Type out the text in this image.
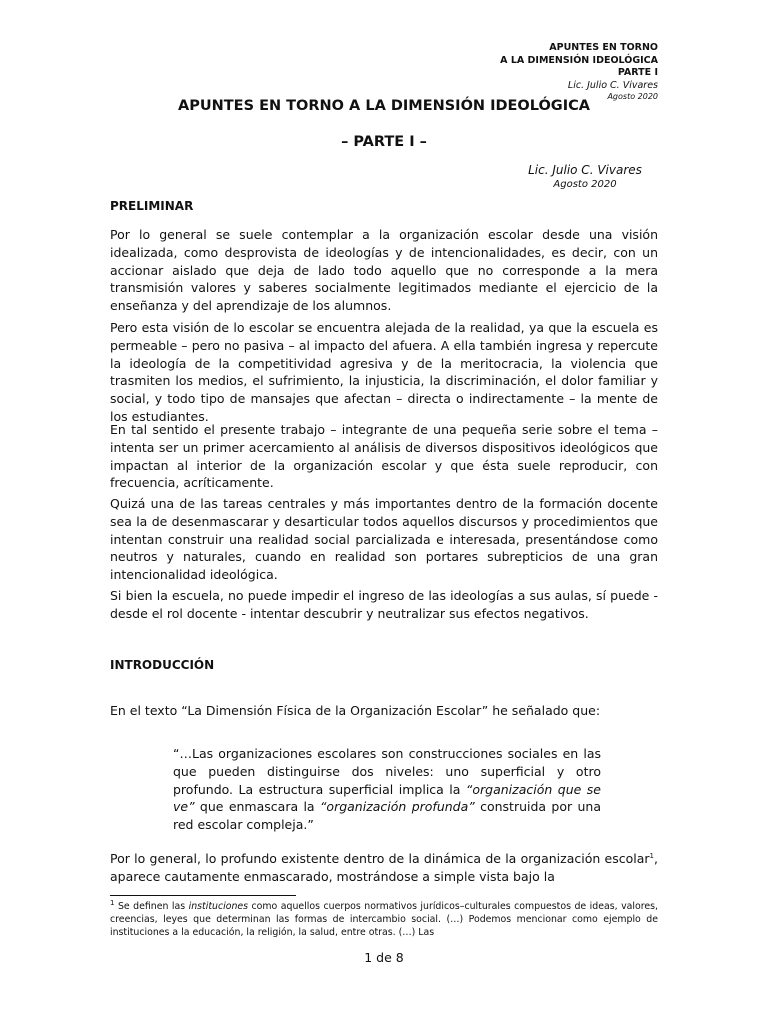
APUNTES EN TORNO
A LA DIMENSIÓN IDEOLÓGICA
PARTE I
Lic. Julio C. Vivares
Agosto 2020
APUNTES EN TORNO A LA DIMENSIÓN IDEOLÓGICA
– PARTE I –
Lic. Julio C. Vivares
Agosto 2020
PRELIMINAR

Por lo general se suele contemplar a la organización escolar desde una visión idealizada, como desprovista de ideologías y de intencionalidades, es decir, con un accionar aislado que deja de lado todo aquello que no corresponde a la mera transmisión valores y saberes socialmente legitimados mediante el ejercicio de la enseñanza y del aprendizaje de los alumnos.

Pero esta visión de lo escolar se encuentra alejada de la realidad, ya que la escuela es permeable – pero no pasiva – al impacto del afuera. A ella también ingresa y repercute la ideología de la competitividad agresiva y de la meritocracia, la violencia que trasmiten los medios, el sufrimiento, la injusticia, la discriminación, el dolor familiar y social, y todo tipo de mansajes que afectan – directa o indirectamente – la mente de los estudiantes.

En tal sentido el presente trabajo – integrante de una pequeña serie sobre el tema – intenta ser un primer acercamiento al análisis de diversos dispositivos ideológicos que impactan al interior de la organización escolar y que ésta suele reproducir, con frecuencia, acríticamente.

Quizá una de las tareas centrales y más importantes dentro de la formación docente sea la de desenmascarar y desarticular todos aquellos discursos y procedimientos que intentan construir una realidad social parcializada e interesada, presentándose como neutros y naturales, cuando en realidad son portares subrepticios de una gran intencionalidad ideológica.

Si bien la escuela, no puede impedir el ingreso de las ideologías a sus aulas, sí puede - desde el rol docente - intentar descubrir y neutralizar sus efectos negativos.

INTRODUCCIÓN

En el texto “La Dimensión Física de la Organización Escolar” he señalado que:

“…Las organizaciones escolares son construcciones sociales en las que pueden distinguirse dos niveles: uno superficial y otro profundo. La estructura superficial implica la “organización que se ve” que enmascara la “organización profunda” construida por una red escolar compleja.”

Por lo general, lo profundo existente dentro de la dinámica de la organización escolar$^1$, aparece cautamente enmascarado, mostrándose a simple vista bajo la

$^1$ Se definen las instituciones como aquellos cuerpos normativos jurídicos–culturales compuestos de ideas, valores, creencias, leyes que determinan las formas de intercambio social. (…) Podemos mencionar como ejemplo de instituciones a la educación, la religión, la salud, entre otras. (…) Las

1 de 8
